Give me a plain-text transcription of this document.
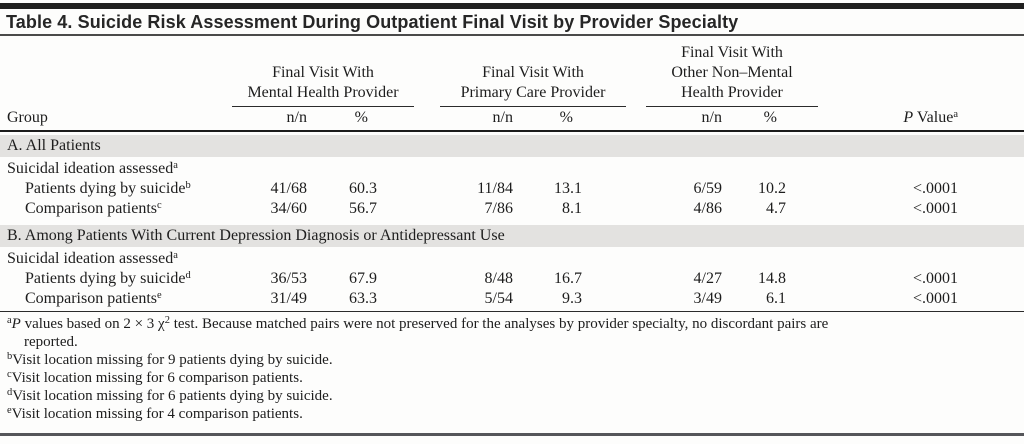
Table 4. Suicide Risk Assessment During Outpatient Final Visit by Provider Specialty
Final Visit With
Mental Health Provider
Final Visit With
Primary Care Provider
Final Visit With
Other Non–Mental
Health Provider
Group	n/n	%	n/n	%	n/n	%	P Value$^a$
A. All Patients
Suicidal ideation assessed$^a$
Patients dying by suicide$^b$	41/68	60.3	11/84	13.1	6/59	10.2	<.0001
Comparison patients$^c$	34/60	56.7	7/86	8.1	4/86	4.7	<.0001
B. Among Patients With Current Depression Diagnosis or Antidepressant Use
Suicidal ideation assessed$^a$
Patients dying by suicide$^d$	36/53	67.9	8/48	16.7	4/27	14.8	<.0001
Comparison patients$^e$	31/49	63.3	5/54	9.3	3/49	6.1	<.0001
$^a$P values based on 2 × 3 $\chi^2$ test. Because matched pairs were not preserved for the analyses by provider specialty, no discordant pairs are
reported.
$^b$Visit location missing for 9 patients dying by suicide.
$^c$Visit location missing for 6 comparison patients.
$^d$Visit location missing for 6 patients dying by suicide.
$^e$Visit location missing for 4 comparison patients.
